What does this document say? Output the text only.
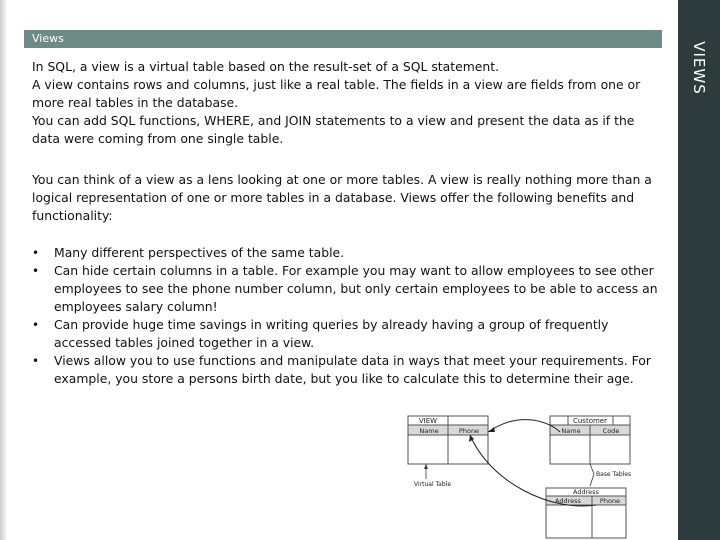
Views
VIEWS

In SQL, a view is a virtual table based on the result-set of a SQL statement.

A view contains rows and columns, just like a real table. The fields in a view are fields from one or more real tables in the database.

You can add SQL functions, WHERE, and JOIN statements to a view and present the data as if the data were coming from one single table.

You can think of a view as a lens looking at one or more tables. A view is really nothing more than a logical representation of one or more tables in a database. Views offer the following benefits and functionality:

• Many different perspectives of the same table.
• Can hide certain columns in a table. For example you may want to allow employees to see other employees to see the phone number column, but only certain employees to be able to access an employees salary column!
• Can provide huge time savings in writing queries by already having a group of frequently accessed tables joined together in a view.
• Views allow you to use functions and manipulate data in ways that meet your requirements. For example, you store a persons birth date, but you like to calculate this to determine their age.
VIEW
Name	Phone
Virtual Table
Customer
Name	Code
Base Tables
Address
Address	Phone
